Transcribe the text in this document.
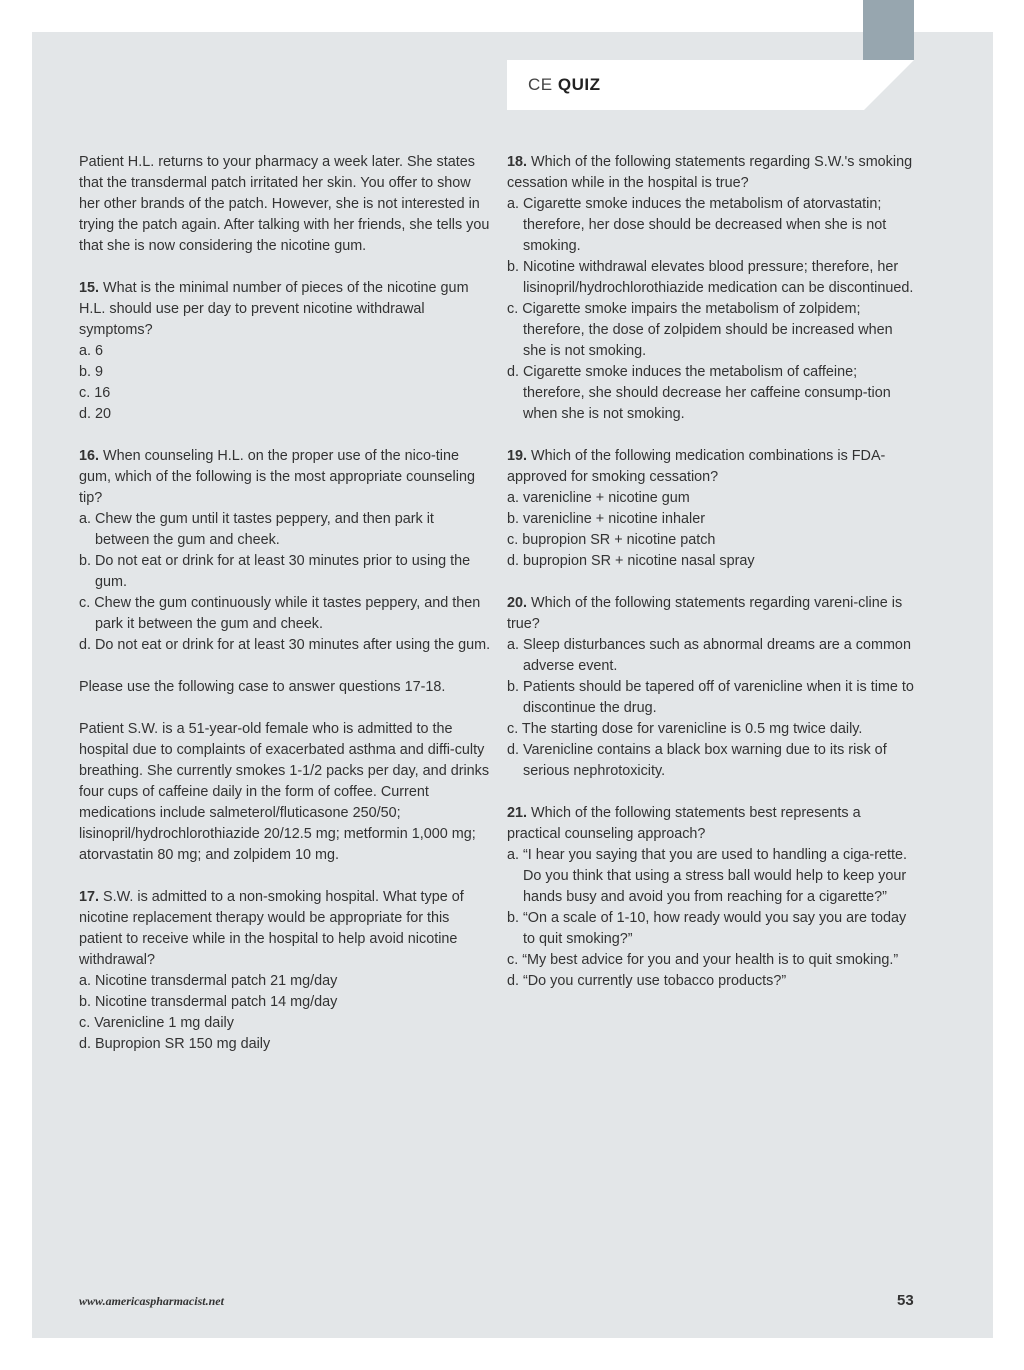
CE QUIZ

Patient H.L. returns to your pharmacy a week later. She states that the transdermal patch irritated her skin. You offer to show her other brands of the patch. However, she is not interested in trying the patch again. After talking with her friends, she tells you that she is now considering the nicotine gum.

15. What is the minimal number of pieces of the nicotine gum H.L. should use per day to prevent nicotine withdrawal symptoms?

a. 6

b. 9

c. 16

d. 20

16. When counseling H.L. on the proper use of the nico-tine gum, which of the following is the most appropriate counseling tip?

a. Chew the gum until it tastes peppery, and then park it between the gum and cheek.

b. Do not eat or drink for at least 30 minutes prior to using the gum.

c. Chew the gum continuously while it tastes peppery, and then park it between the gum and cheek.

d. Do not eat or drink for at least 30 minutes after using the gum.

Please use the following case to answer questions 17-18.

Patient S.W. is a 51-year-old female who is admitted to the hospital due to complaints of exacerbated asthma and diffi-culty breathing. She currently smokes 1-1/2 packs per day, and drinks four cups of caffeine daily in the form of coffee. Current medications include salmeterol/fluticasone 250/50; lisinopril/hydrochlorothiazide 20/12.5 mg; metformin 1,000 mg; atorvastatin 80 mg; and zolpidem 10 mg.

17. S.W. is admitted to a non-smoking hospital. What type of nicotine replacement therapy would be appropriate for this patient to receive while in the hospital to help avoid nicotine withdrawal?

a. Nicotine transdermal patch 21 mg/day

b. Nicotine transdermal patch 14 mg/day

c. Varenicline 1 mg daily

d. Bupropion SR 150 mg daily

18. Which of the following statements regarding S.W.'s smoking cessation while in the hospital is true?

a. Cigarette smoke induces the metabolism of atorvastatin; therefore, her dose should be decreased when she is not smoking.

b. Nicotine withdrawal elevates blood pressure; therefore, her lisinopril/hydrochlorothiazide medication can be discontinued.

c. Cigarette smoke impairs the metabolism of zolpidem; therefore, the dose of zolpidem should be increased when she is not smoking.

d. Cigarette smoke induces the metabolism of caffeine; therefore, she should decrease her caffeine consump-tion when she is not smoking.

19. Which of the following medication combinations is FDA-approved for smoking cessation?

a. varenicline + nicotine gum

b. varenicline + nicotine inhaler

c. bupropion SR + nicotine patch

d. bupropion SR + nicotine nasal spray

20. Which of the following statements regarding vareni-cline is true?

a. Sleep disturbances such as abnormal dreams are a common adverse event.

b. Patients should be tapered off of varenicline when it is time to discontinue the drug.

c. The starting dose for varenicline is 0.5 mg twice daily.

d. Varenicline contains a black box warning due to its risk of serious nephrotoxicity.

21. Which of the following statements best represents a practical counseling approach?

a. “I hear you saying that you are used to handling a ciga-rette. Do you think that using a stress ball would help to keep your hands busy and avoid you from reaching for a cigarette?”

b. “On a scale of 1-10, how ready would you say you are today to quit smoking?”

c. “My best advice for you and your health is to quit smoking.”

d. “Do you currently use tobacco products?”

www.americaspharmacist.net	53
